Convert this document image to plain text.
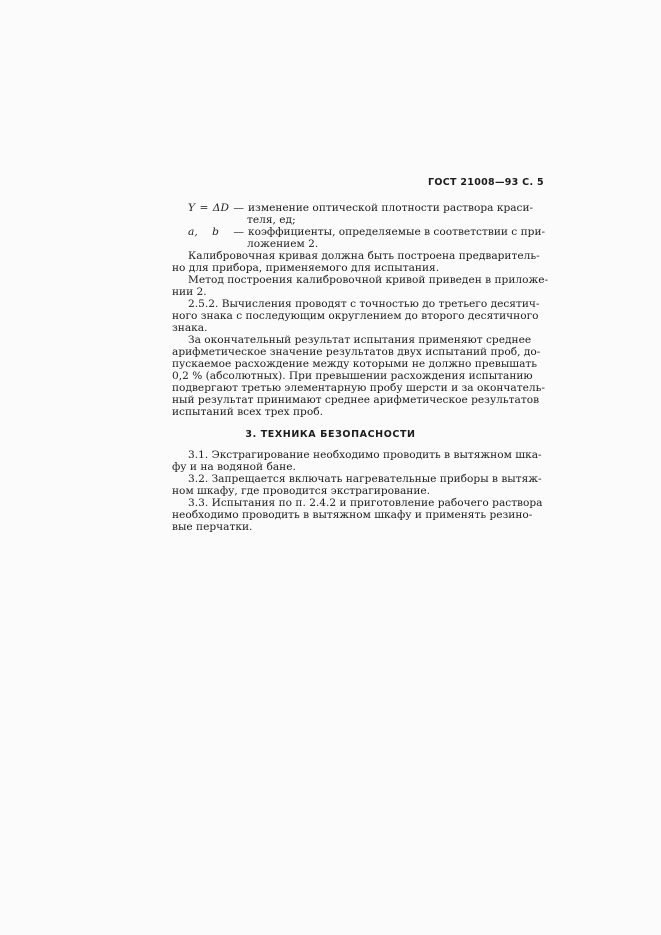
ГОСТ 21008—93 С. 5
Y = ΔD — изменение оптической плотности раствора краси-
теля, ед;
a, b — коэффициенты, определяемые в соответствии с при-
ложением 2.
Калибровочная кривая должна быть построена предваритель-
но для прибора, применяемого для испытания.
Метод построения калибровочной кривой приведен в приложе-
нии 2.
2.5.2. Вычисления проводят с точностью до третьего десятич-
ного знака с последующим округлением до второго десятичного
знака.
За окончательный результат испытания применяют среднее
арифметическое значение результатов двух испытаний проб, до-
пускаемое расхождение между которыми не должно превышать
0,2 % (абсолютных). При превышении расхождения испытанию
подвергают третью элементарную пробу шерсти и за окончатель-
ный результат принимают среднее арифметическое результатов
испытаний всех трех проб.
3. ТЕХНИКА БЕЗОПАСНОСТИ
3.1. Экстрагирование необходимо проводить в вытяжном шка-
фу и на водяной бане.
3.2. Запрещается включать нагревательные приборы в вытяж-
ном шкафу, где проводится экстрагирование.
3.3. Испытания по п. 2.4.2 и приготовление рабочего раствора
необходимо проводить в вытяжном шкафу и применять резино-
вые перчатки.
